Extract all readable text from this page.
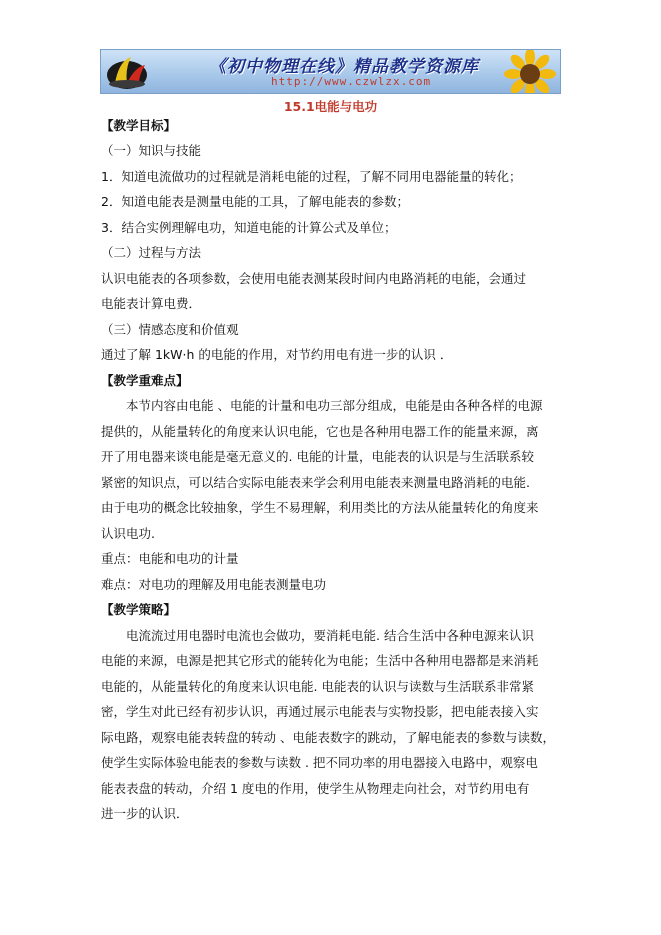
《初中物理在线》精品教学资源库
http://www.czwlzx.com
15.1电能与电功
【教学目标】
（一）知识与技能
1．知道电流做功的过程就是消耗电能的过程，了解不同用电器能量的转化；
2．知道电能表是测量电能的工具，了解电能表的参数；
3．结合实例理解电功，知道电能的计算公式及单位；
（二）过程与方法
认识电能表的各项参数，会使用电能表测某段时间内电路消耗的电能，会通过
电能表计算电费．
（三）情感态度和价值观
通过了解 1kW·h 的电能的作用，对节约用电有进一步的认识 ．
【教学重难点】
　　本节内容由电能 、电能的计量和电功三部分组成，电能是由各种各样的电源
提供的，从能量转化的角度来认识电能，它也是各种用电器工作的能量来源，离
开了用电器来谈电能是毫无意义的. 电能的计量，电能表的认识是与生活联系较
紧密的知识点，可以结合实际电能表来学会利用电能表来测量电路消耗的电能.
由于电功的概念比较抽象，学生不易理解，利用类比的方法从能量转化的角度来
认识电功.
重点：电能和电功的计量
难点：对电功的理解及用电能表测量电功
【教学策略】
　　电流流过用电器时电流也会做功，要消耗电能. 结合生活中各种电源来认识
电能的来源，电源是把其它形式的能转化为电能；生活中各种用电器都是来消耗
电能的，从能量转化的角度来认识电能. 电能表的认识与读数与生活联系非常紧
密，学生对此已经有初步认识，再通过展示电能表与实物投影，把电能表接入实
际电路，观察电能表转盘的转动 、电能表数字的跳动，了解电能表的参数与读数，
使学生实际体验电能表的参数与读数 . 把不同功率的用电器接入电路中，观察电
能表表盘的转动，介绍 1 度电的作用，使学生从物理走向社会，对节约用电有
进一步的认识．
